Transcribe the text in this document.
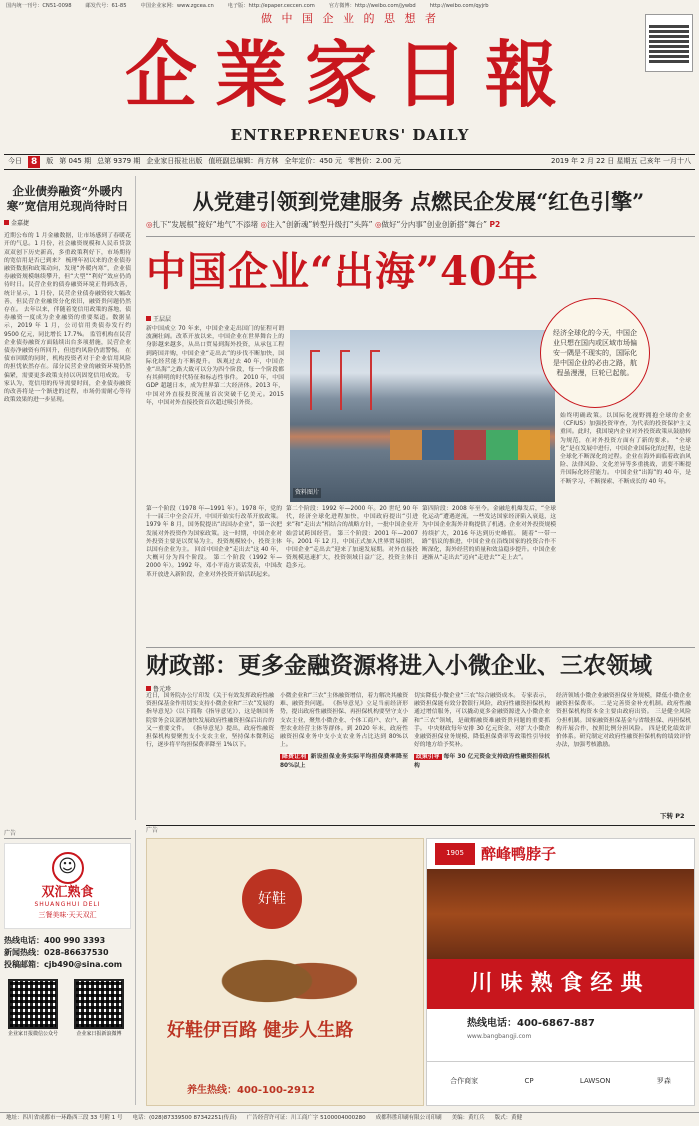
国内统一刊号：CN51-0098	邮发代号：61-85	中国企业家网：www.zgcea.cn	电子版：http://epaper.ceccen.com	官方微博：http://weibo.com/jywbd	http://weibo.com/qyjrb
做 中 国 企 业 的 思 想 者
企業家日報
ENTREPRENEURS' DAILY
今日	8	版 第 045 期 总第 9379 期 企业家日报社出版 值班副总编辑：肖方林 全年定价：450 元 零售价：2.00 元	2019 年 2 月 22 日 星期五 己亥年 一月十八
企业债券融资“外暖内寒”宽信用兑现尚待时日
金嘉捷
近期公布的 1 月金融数据，让市场感到了春暖花开的气息。1 月份，社会融资规模和人民币贷款双双创下历史新高，多重政策利好下，市场期待的宽信用是否已到来？ 梳理年初以来的企业债券融资数据和政策动向，发现“外暖内寒”，企业债券融资规模继续攀升，但“大型”“利好”效应仍尚待时日。民营企业的债券融资环境正得到改善，统计显示，1 月份，民营企业债券融资较大幅改善，但民营企业融资分化依旧，融资贵问题仍然存在。 去年以来，伴随着宽信用政策的落地，债券融资一度成为企业融资的重要渠道。数据显示，2019 年 1 月，公司信用类债券发行约 9500 亿元，同比增长 17.7%。 监管机构在民营企业债券融资方面陆续出台多项措施，民营企业债券净融资有所回升，但违约风险仍需警惕。 在债市回暖的同时，机构投资者对于企业信用风险的担忧依然存在。部分民营企业的融资环境仍然偏紧，需要更多政策支持以巩固宽信用成效。 专家认为，宽信用的传导需要时间，企业债券融资的改善将是一个渐进的过程，市场仍需耐心等待政策效果的进一步显现。
从党建引领到党建服务 点燃民企发展“红色引擎”
◎扎下“发展根”接好“地气”不添堵 ◎注入“创新魂”转型升级打“头阵” ◎做好“分内事”创业创新搭“舞台” P2
中国企业“出海”40年
王层层
经济全球化的今天，中国企业只想在国内或区域市场偏安一隅是不现实的，国际化是中国企业的必由之路，航程虽漫漫，巨轮已起航。
新中国成立 70 年来，中国企业走出国门的征程可谓波澜壮阔。改革开放以来，中国企业在世界舞台上的身影越来越多，从出口贸易到海外投资，从承包工程到跨国并购，中国企业“走出去”的步伐不断加快，国际化经营能力不断提升。 纵观过去 40 年，中国企业“出海”之路大致可以分为四个阶段，每一个阶段都有其鲜明的时代特征和标志性事件。 2010 年，中国 GDP 超越日本，成为世界第二大经济体。2013 年，中国对外直接投资流量首次突破千亿美元。2015 年，中国对外直接投资首次超过吸引外资。
资料图片
始终明确政策。以国际化视野拥抱全球的企业（CFIUS）加强投资审查，为代表的投资保护主义重回。此时，我国境内企业对外投资政策从鼓励转为规范，在对外投资方面有了新的要求。 “全球化”是在发展中进行，中国企业国际化的过程，也是全球化不断深化的过程。企业在海外面临着政治风险、法律风险、文化差异等多重挑战，需要不断提升国际化经营能力。 中国企业“出海”的 40 年，是不断学习、不断探索、不断成长的 40 年。
第一个阶段（1978 年—1991 年）。1978 年，党的十一届三中全会召开，中国开始实行改革开放政策。1979 年 8 月，国务院提出“出国办企业”，第一次把发展对外投资作为国家政策。这一时期，中国企业对外投资主要是以贸易为主，投资规模较小，投资主体以国有企业为主。 回首中国企业“走出去”这 40 年，大概可分为四个阶段。 第二个阶段（1992 年—2000 年）。1992 年，邓小平南方谈话发表，中国改革开放进入新阶段，企业对外投资开始活跃起来。
第二个阶段：1992 年—2000 年。20 世纪 90 年代，经济全球化进程加快，中国政府提出“引进来”和“走出去”相结合的战略方针，一批中国企业开始尝试跨国经营。 第三个阶段：2001 年—2007 年。2001 年 12 月，中国正式加入世界贸易组织，中国企业“走出去”迎来了加速发展期。对外直接投资规模迅速扩大，投资领域日益广泛，投资主体日趋多元。
第四阶段：2008 年至今。金融危机爆发后，“全球化运动”遭遇逆流，一些发达国家经济陷入衰退，这为中国企业海外并购提供了机遇。企业对外投资规模持续扩大，2016 年达到历史峰值。 随着“一带一路”倡议的推进，中国企业在沿线国家的投资合作不断深化，海外经营的质量和效益稳步提升。中国企业逐渐从“走出去”迈向“走进去”“走上去”。
财政部：更多金融资源将进入小微企业、三农领域
鲁元珍
近日，国务院办公厅印发《关于有效发挥政府性融资担保基金作用切实支持小微企业和“三农”发展的指导意见》（以下简称《指导意见》），这是继国务院常务会议部署加快发展政府性融资担保后出台的又一重要文件。 《指导意见》提出，政府性融资担保机构要聚焦支小支农主业，坚持保本微利运行，逐步将平均担保费率降至 1%以下。
小微企业和“三农”主体融资增信，着力解决其融资难、融资贵问题。 《指导意见》立足当前经济形势，提出政府性融资担保、再担保机构要坚守支小支农主业，聚焦小微企业、个体工商户、农户、新型农业经营主体等群体。到 2020 年末，政府性融资担保业务中支小支农业务占比达到 80%以上。
降费让利 新设担保业务实际平均担保费率降至 80%以上
切实降低小微企业“三农”综合融资成本。 专家表示，融资担保能有效分散银行风险，政府性融资担保机构通过增信服务，可以撬动更多金融资源进入小微企业和“三农”领域，是破解融资难融资贵问题的重要抓手。 中央财政每年安排 30 亿元资金，对扩大小微企业融资担保业务规模、降低担保费率等政策性引导较好的地方给予奖补。
政策引导 每年 30 亿元资金支持政府性融资担保机构
经济领域小微企业融资担保业务规模，降低小微企业融资担保费率。 二是完善资金补充机制。政府性融资担保机构资本金主要由政府出资。 三是健全风险分担机制。国家融资担保基金与省级担保、再担保机构开展合作，按照比例分担风险。 四是优化绩效评价体系。研究制定对政府性融资担保机构的绩效评价办法，加强考核激励。
下转 P2
广告
广告
☺
双汇熟食
SHUANGHUI DELI
三餐美味·天天双汇
热线电话：400 990 3393
新闻热线：028-86637530
投稿邮箱：cjb490@sina.com
企业家日报微信公众号	企业家日报新浪微博
好鞋
好鞋伊百路 健步人生路
养生热线：400-100-2912
1905	醉峰鸭脖子
川味熟食经典
热线电话：400-6867-887
www.bangbangji.com
合作商家	CP	LAWSON	罗森
地址：四川省成都市一环路西三段 33 号附 1 号 电话：(028)87339500 87342251(传真) 广告经营许可证：川工商广字 5100004000280 成都科胜印刷有限公司印刷 美编：黄红兵 版式：黄健
